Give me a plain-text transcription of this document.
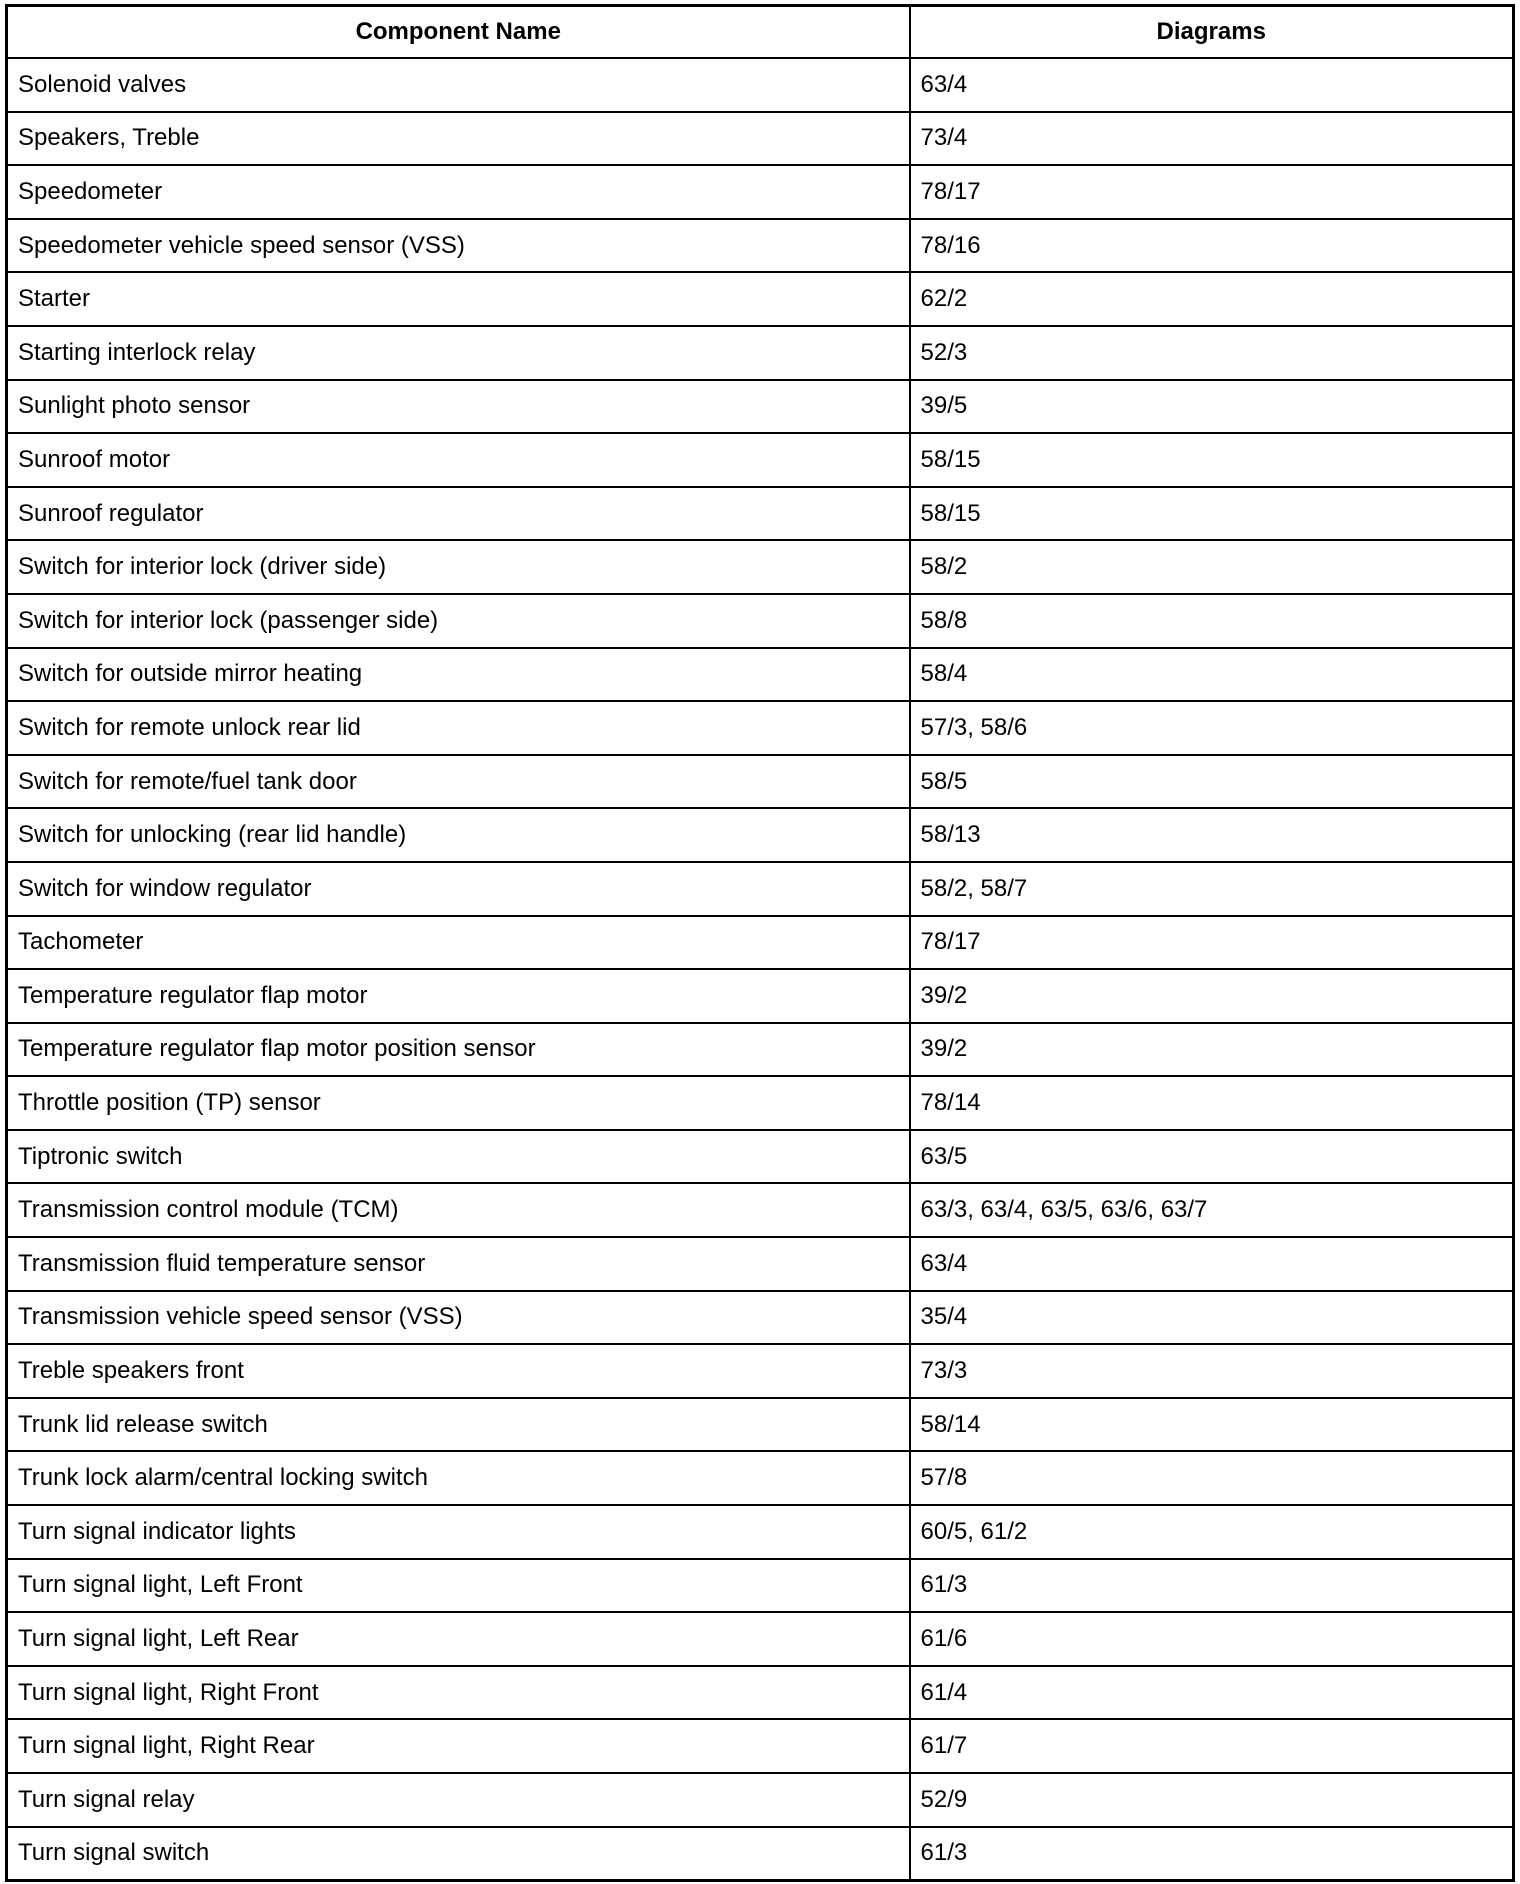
Component Name	Diagrams
Solenoid valves	63/4
Speakers, Treble	73/4
Speedometer	78/17
Speedometer vehicle speed sensor (VSS)	78/16
Starter	62/2
Starting interlock relay	52/3
Sunlight photo sensor	39/5
Sunroof motor	58/15
Sunroof regulator	58/15
Switch for interior lock (driver side)	58/2
Switch for interior lock (passenger side)	58/8
Switch for outside mirror heating	58/4
Switch for remote unlock rear lid	57/3, 58/6
Switch for remote/fuel tank door	58/5
Switch for unlocking (rear lid handle)	58/13
Switch for window regulator	58/2, 58/7
Tachometer	78/17
Temperature regulator flap motor	39/2
Temperature regulator flap motor position sensor	39/2
Throttle position (TP) sensor	78/14
Tiptronic switch	63/5
Transmission control module (TCM)	63/3, 63/4, 63/5, 63/6, 63/7
Transmission fluid temperature sensor	63/4
Transmission vehicle speed sensor (VSS)	35/4
Treble speakers front	73/3
Trunk lid release switch	58/14
Trunk lock alarm/central locking switch	57/8
Turn signal indicator lights	60/5, 61/2
Turn signal light, Left Front	61/3
Turn signal light, Left Rear	61/6
Turn signal light, Right Front	61/4
Turn signal light, Right Rear	61/7
Turn signal relay	52/9
Turn signal switch	61/3
